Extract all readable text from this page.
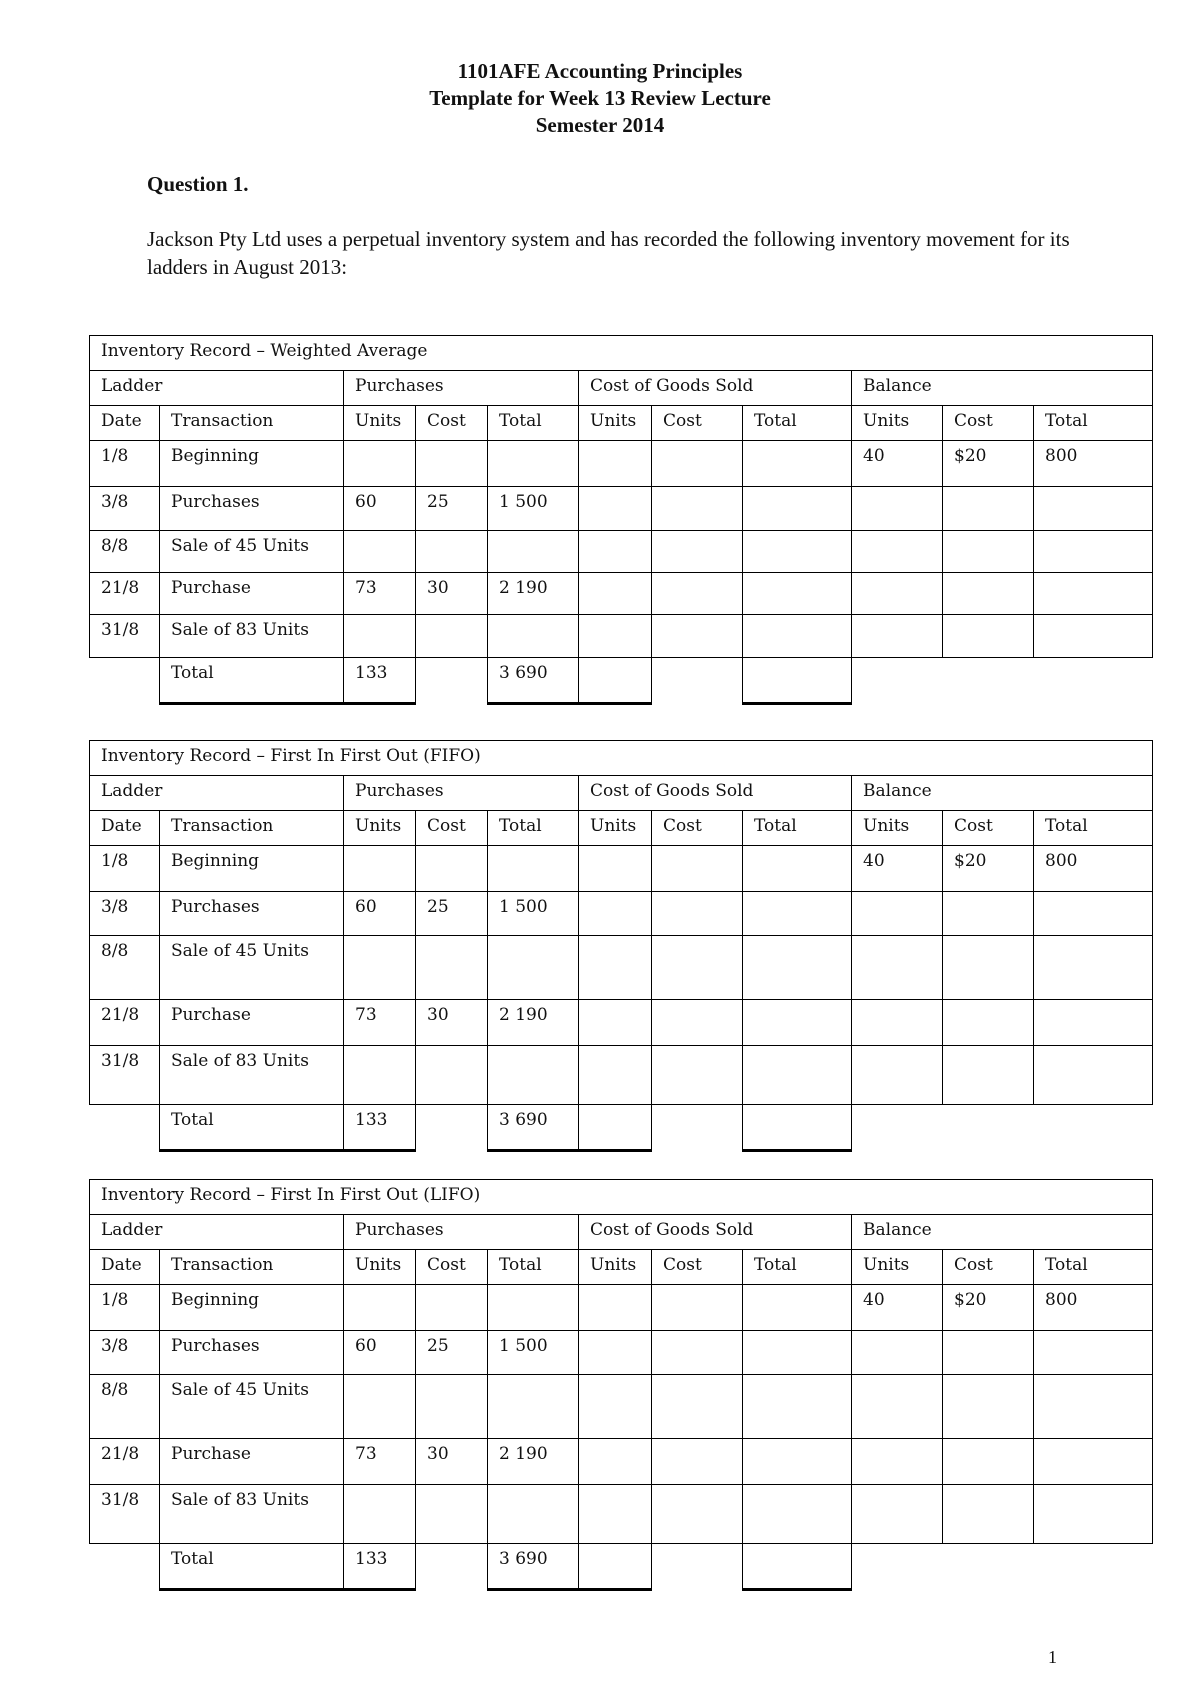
1101AFE Accounting Principles
Template for Week 13 Review Lecture
Semester 2014
Question 1.
Jackson Pty Ltd uses a perpetual inventory system and has recorded the following inventory movement for its ladders in August 2013:
Inventory Record – Weighted Average										
Ladder		Purchases			Cost of Goods Sold			Balance		
Date	Transaction	Units	Cost	Total	Units	Cost	Total	Units	Cost	Total
1/8	Beginning							40	$20	800
3/8	Purchases	60	25	1 500						
8/8	Sale of 45 Units									
21/8	Purchase	73	30	2 190						
31/8	Sale of 83 Units									
	Total	133		3 690						
Inventory Record – First In First Out (FIFO)										
Ladder		Purchases			Cost of Goods Sold			Balance		
Date	Transaction	Units	Cost	Total	Units	Cost	Total	Units	Cost	Total
1/8	Beginning							40	$20	800
3/8	Purchases	60	25	1 500						
8/8	Sale of 45 Units									
21/8	Purchase	73	30	2 190						
31/8	Sale of 83 Units									
	Total	133		3 690						
Inventory Record – First In First Out (LIFO)										
Ladder		Purchases			Cost of Goods Sold			Balance		
Date	Transaction	Units	Cost	Total	Units	Cost	Total	Units	Cost	Total
1/8	Beginning							40	$20	800
3/8	Purchases	60	25	1 500						
8/8	Sale of 45 Units									
21/8	Purchase	73	30	2 190						
31/8	Sale of 83 Units									
	Total	133		3 690						
1
